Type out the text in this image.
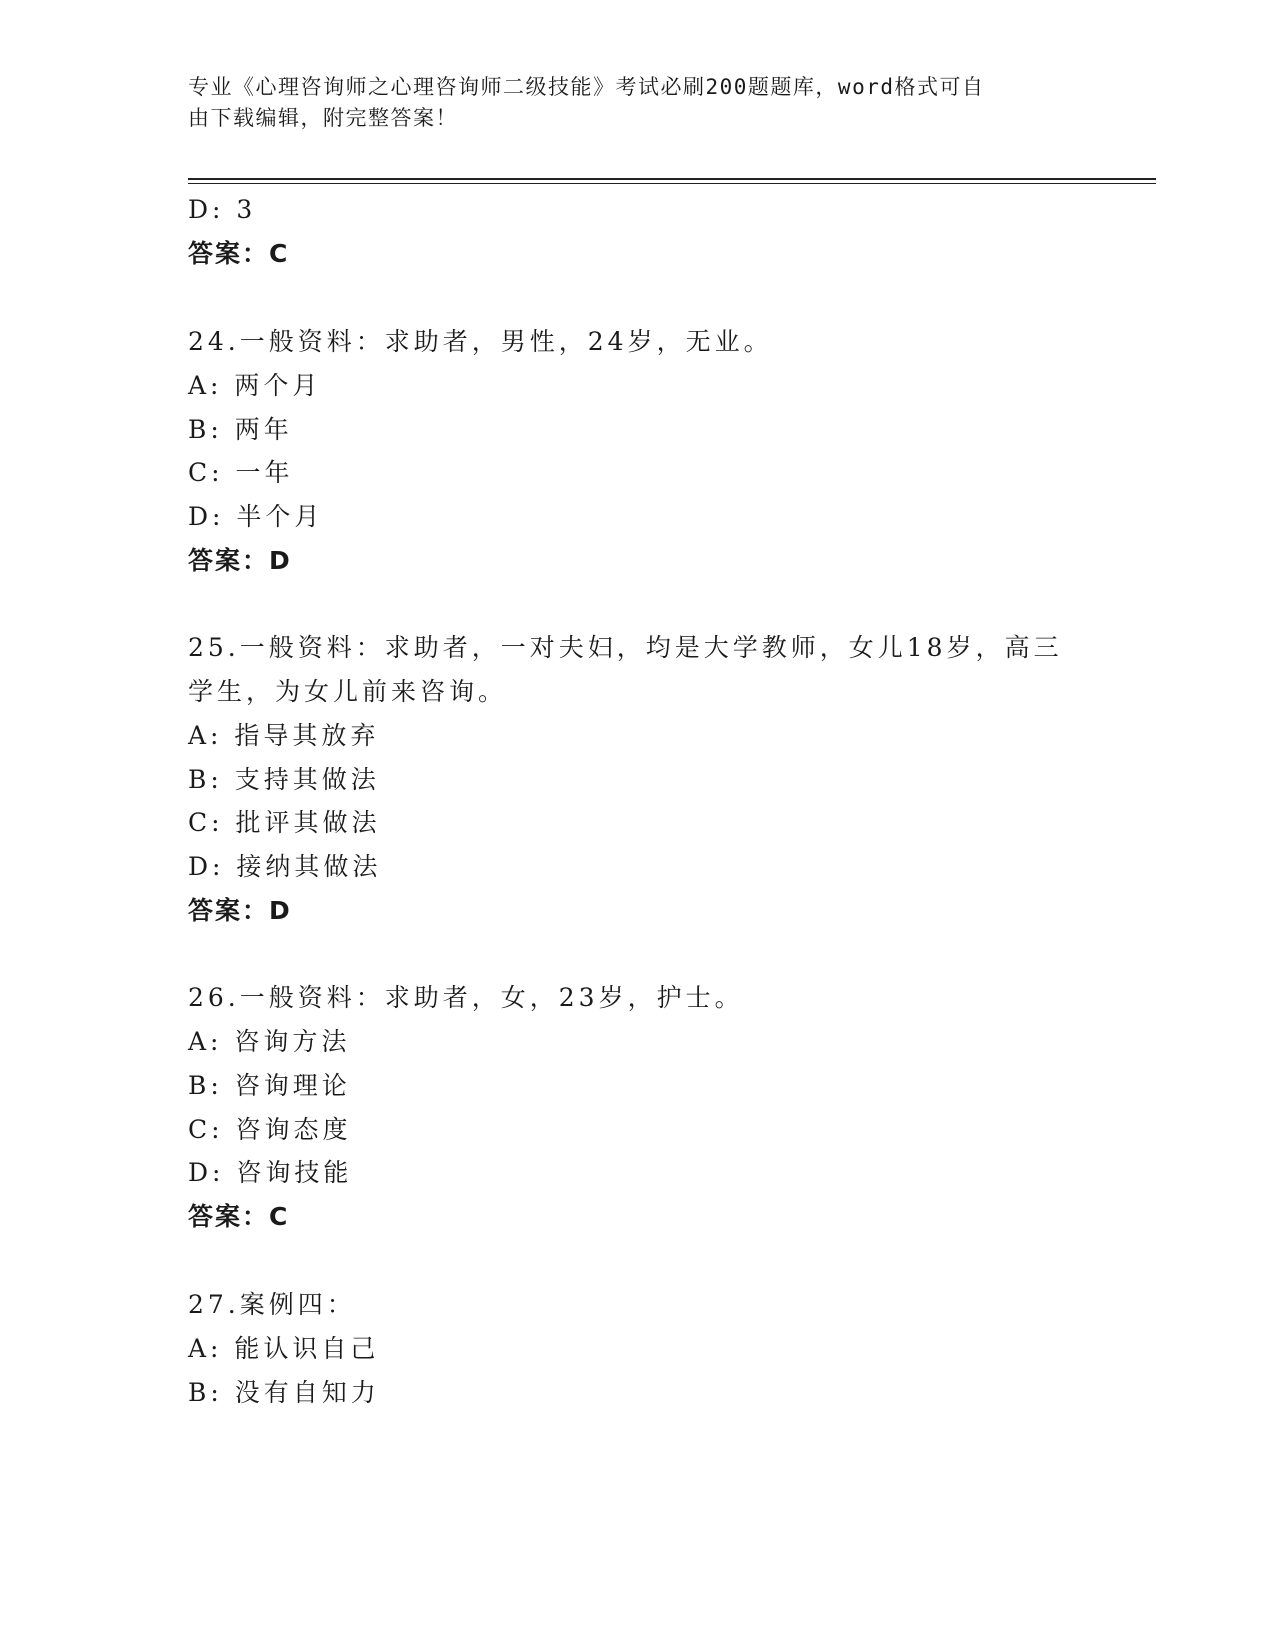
专业《心理咨询师之心理咨询师二级技能》考试必刷200题题库，word格式可自
由下载编辑，附完整答案！
D: 3
答案：C
24.一般资料：求助者，男性，24岁，无业。
A: 两个月
B: 两年
C: 一年
D: 半个月
答案：D
25.一般资料：求助者，一对夫妇，均是大学教师，女儿18岁，高三
学生，为女儿前来咨询。
A: 指导其放弃
B: 支持其做法
C: 批评其做法
D: 接纳其做法
答案：D
26.一般资料：求助者，女，23岁，护士。
A: 咨询方法
B: 咨询理论
C: 咨询态度
D: 咨询技能
答案：C
27.案例四：
A: 能认识自己
B: 没有自知力
